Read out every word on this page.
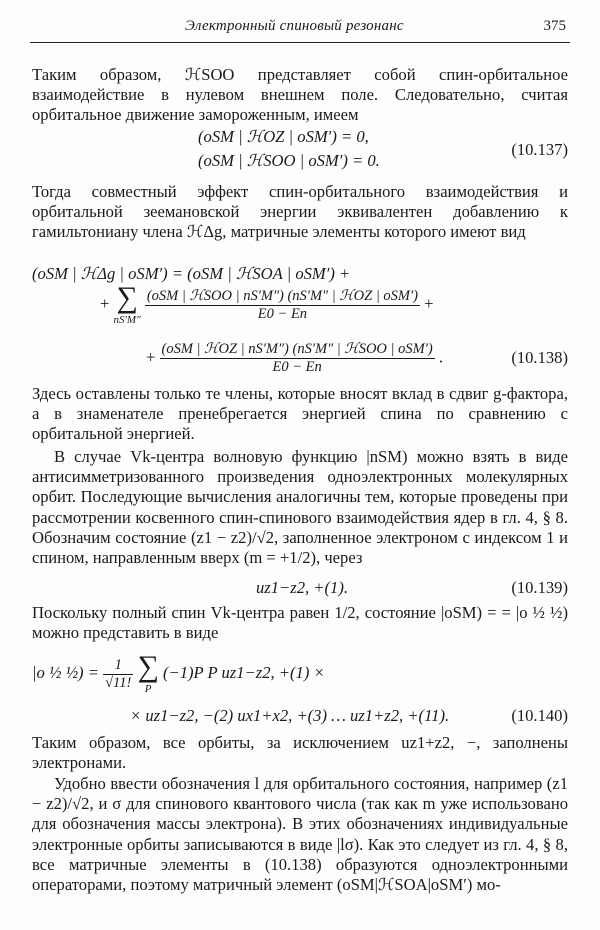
Электронный спиновый резонанс	375

Таким образом, ℋSOO представляет собой спин-орбитальное взаимодействие в нулевом внешнем поле. Следовательно, считая орбитальное движение замороженным, имеем

(oSM | ℋOZ | oSM′) = 0,
(oSM | ℋSOO | oSM′) = 0.
(10.137)

Тогда совместный эффект спин-орбитального взаимодействия и орбитальной зеемановской энергии эквивалентен добавлению к гамильтониану члена ℋΔg, матричные элементы которого имеют вид

(oSM | ℋΔg | oSM′) = (oSM | ℋSOA | oSM′) +
+ ∑
nS′M″
$\frac{\text{(oSM | ℋSOO | nS′M″) (nS′M″ | ℋOZ | oSM′)}}{E0 - En}$ +
+ $\frac{\text{(oSM | ℋOZ | nS′M″) (nS′M″ | ℋSOO | oSM′)}}{E0 - En}$ .	(10.138)

Здесь оставлены только те члены, которые вносят вклад в сдвиг g-фактора, а в знаменателе пренебрегается энергией спина по сравнению с орбитальной энергией.

В случае Vk-центра волновую функцию |nSM) можно взять в виде антисимметризованного произведения одноэлектронных молекулярных орбит. Последующие вычисления аналогичны тем, которые проведены при рассмотрении косвенного спин-спинового взаимодействия ядер в гл. 4, § 8. Обозначим состояние (z1 − z2)/√2, заполненное электроном с индексом 1 и спином, направленным вверх (m = +1/2), через

uz1−z2, +(1).	(10.139)

Поскольку полный спин Vk-центра равен 1/2, состояние |oSM) = = |o ½ ½) можно представить в виде

|o ½ ½) = $\frac{1}{√11!}$
∑
P
(−1)P P uz1−z2, +(1) ×
× uz1−z2, −(2) ux1+x2, +(3) … uz1+z2, +(11).	(10.140)

Таким образом, все орбиты, за исключением uz1+z2, −, заполнены электронами.

Удобно ввести обозначения l для орбитального состояния, например (z1 − z2)/√2, и σ для спинового квантового числа (так как m уже использовано для обозначения массы электрона). В этих обозначениях индивидуальные электронные орбиты записываются в виде |lσ). Как это следует из гл. 4, § 8, все матричные элементы в (10.138) образуются одноэлектронными операторами, поэтому матричный элемент (oSM|ℋSOA|oSM′) мо-
